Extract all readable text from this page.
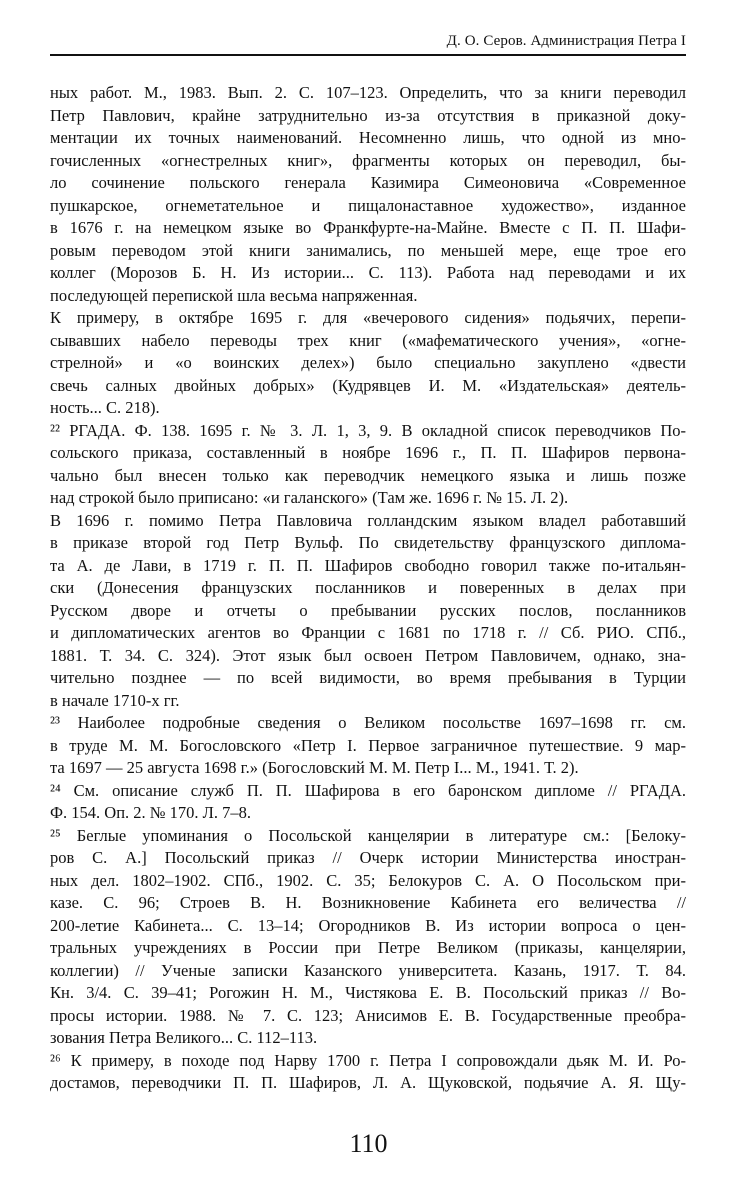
Д. О. Серов. Администрация Петра I
ных работ. М., 1983. Вып. 2. С. 107–123. Определить, что за книги переводил
Петр Павлович, крайне затруднительно из-за отсутствия в приказной доку-
ментации их точных наименований. Несомненно лишь, что одной из мно-
гочисленных «огнестрелных книг», фрагменты которых он переводил, бы-
ло сочинение польского генерала Казимира Симеоновича «Современное
пушкарское, огнеметательное и пищалонаставное художество», изданное
в 1676 г. на немецком языке во Франкфурте-на-Майне. Вместе с П. П. Шафи-
ровым переводом этой книги занимались, по меньшей мере, еще трое его
коллег (Морозов Б. Н. Из истории... С. 113). Работа над переводами и их
последующей перепиской шла весьма напряженная.
К примеру, в октябре 1695 г. для «вечерового сидения» подьячих, перепи-
сывавших набело переводы трех книг («мафематического учения», «огне-
стрелной» и «о воинских делех») было специально закуплено «двести
свечь салных двойных добрых» (Кудрявцев И. М. «Издательская» деятель-
ность... С. 218).
²² РГАДА. Ф. 138. 1695 г. № 3. Л. 1, 3, 9. В окладной список переводчиков По-
сольского приказа, составленный в ноябре 1696 г., П. П. Шафиров первона-
чально был внесен только как переводчик немецкого языка и лишь позже
над строкой было приписано: «и галанского» (Там же. 1696 г. № 15. Л. 2).
В 1696 г. помимо Петра Павловича голландским языком владел работавший
в приказе второй год Петр Вульф. По свидетельству французского диплома-
та А. де Лави, в 1719 г. П. П. Шафиров свободно говорил также по-итальян-
ски (Донесения французских посланников и поверенных в делах при
Русском дворе и отчеты о пребывании русских послов, посланников
и дипломатических агентов во Франции с 1681 по 1718 г. // Сб. РИО. СПб.,
1881. Т. 34. С. 324). Этот язык был освоен Петром Павловичем, однако, зна-
чительно позднее — по всей видимости, во время пребывания в Турции
в начале 1710-х гг.
²³ Наиболее подробные сведения о Великом посольстве 1697–1698 гг. см.
в труде М. М. Богословского «Петр I. Первое заграничное путешествие. 9 мар-
та 1697 — 25 августа 1698 г.» (Богословский М. М. Петр I... М., 1941. Т. 2).
²⁴ См. описание служб П. П. Шафирова в его баронском дипломе // РГАДА.
Ф. 154. Оп. 2. № 170. Л. 7–8.
²⁵ Беглые упоминания о Посольской канцелярии в литературе см.: [Белоку-
ров С. А.] Посольский приказ // Очерк истории Министерства иностран-
ных дел. 1802–1902. СПб., 1902. С. 35; Белокуров С. А. О Посольском при-
казе. С. 96; Строев В. Н. Возникновение Кабинета его величества //
200-летие Кабинета... С. 13–14; Огородников В. Из истории вопроса о цен-
тральных учреждениях в России при Петре Великом (приказы, канцелярии,
коллегии) // Ученые записки Казанского университета. Казань, 1917. Т. 84.
Кн. 3/4. С. 39–41; Рогожин Н. М., Чистякова Е. В. Посольский приказ // Во-
просы истории. 1988. № 7. С. 123; Анисимов Е. В. Государственные преобра-
зования Петра Великого... С. 112–113.
²⁶ К примеру, в походе под Нарву 1700 г. Петра I сопровождали дьяк М. И. Ро-
достамов, переводчики П. П. Шафиров, Л. А. Щуковской, подьячие А. Я. Щу-
110
